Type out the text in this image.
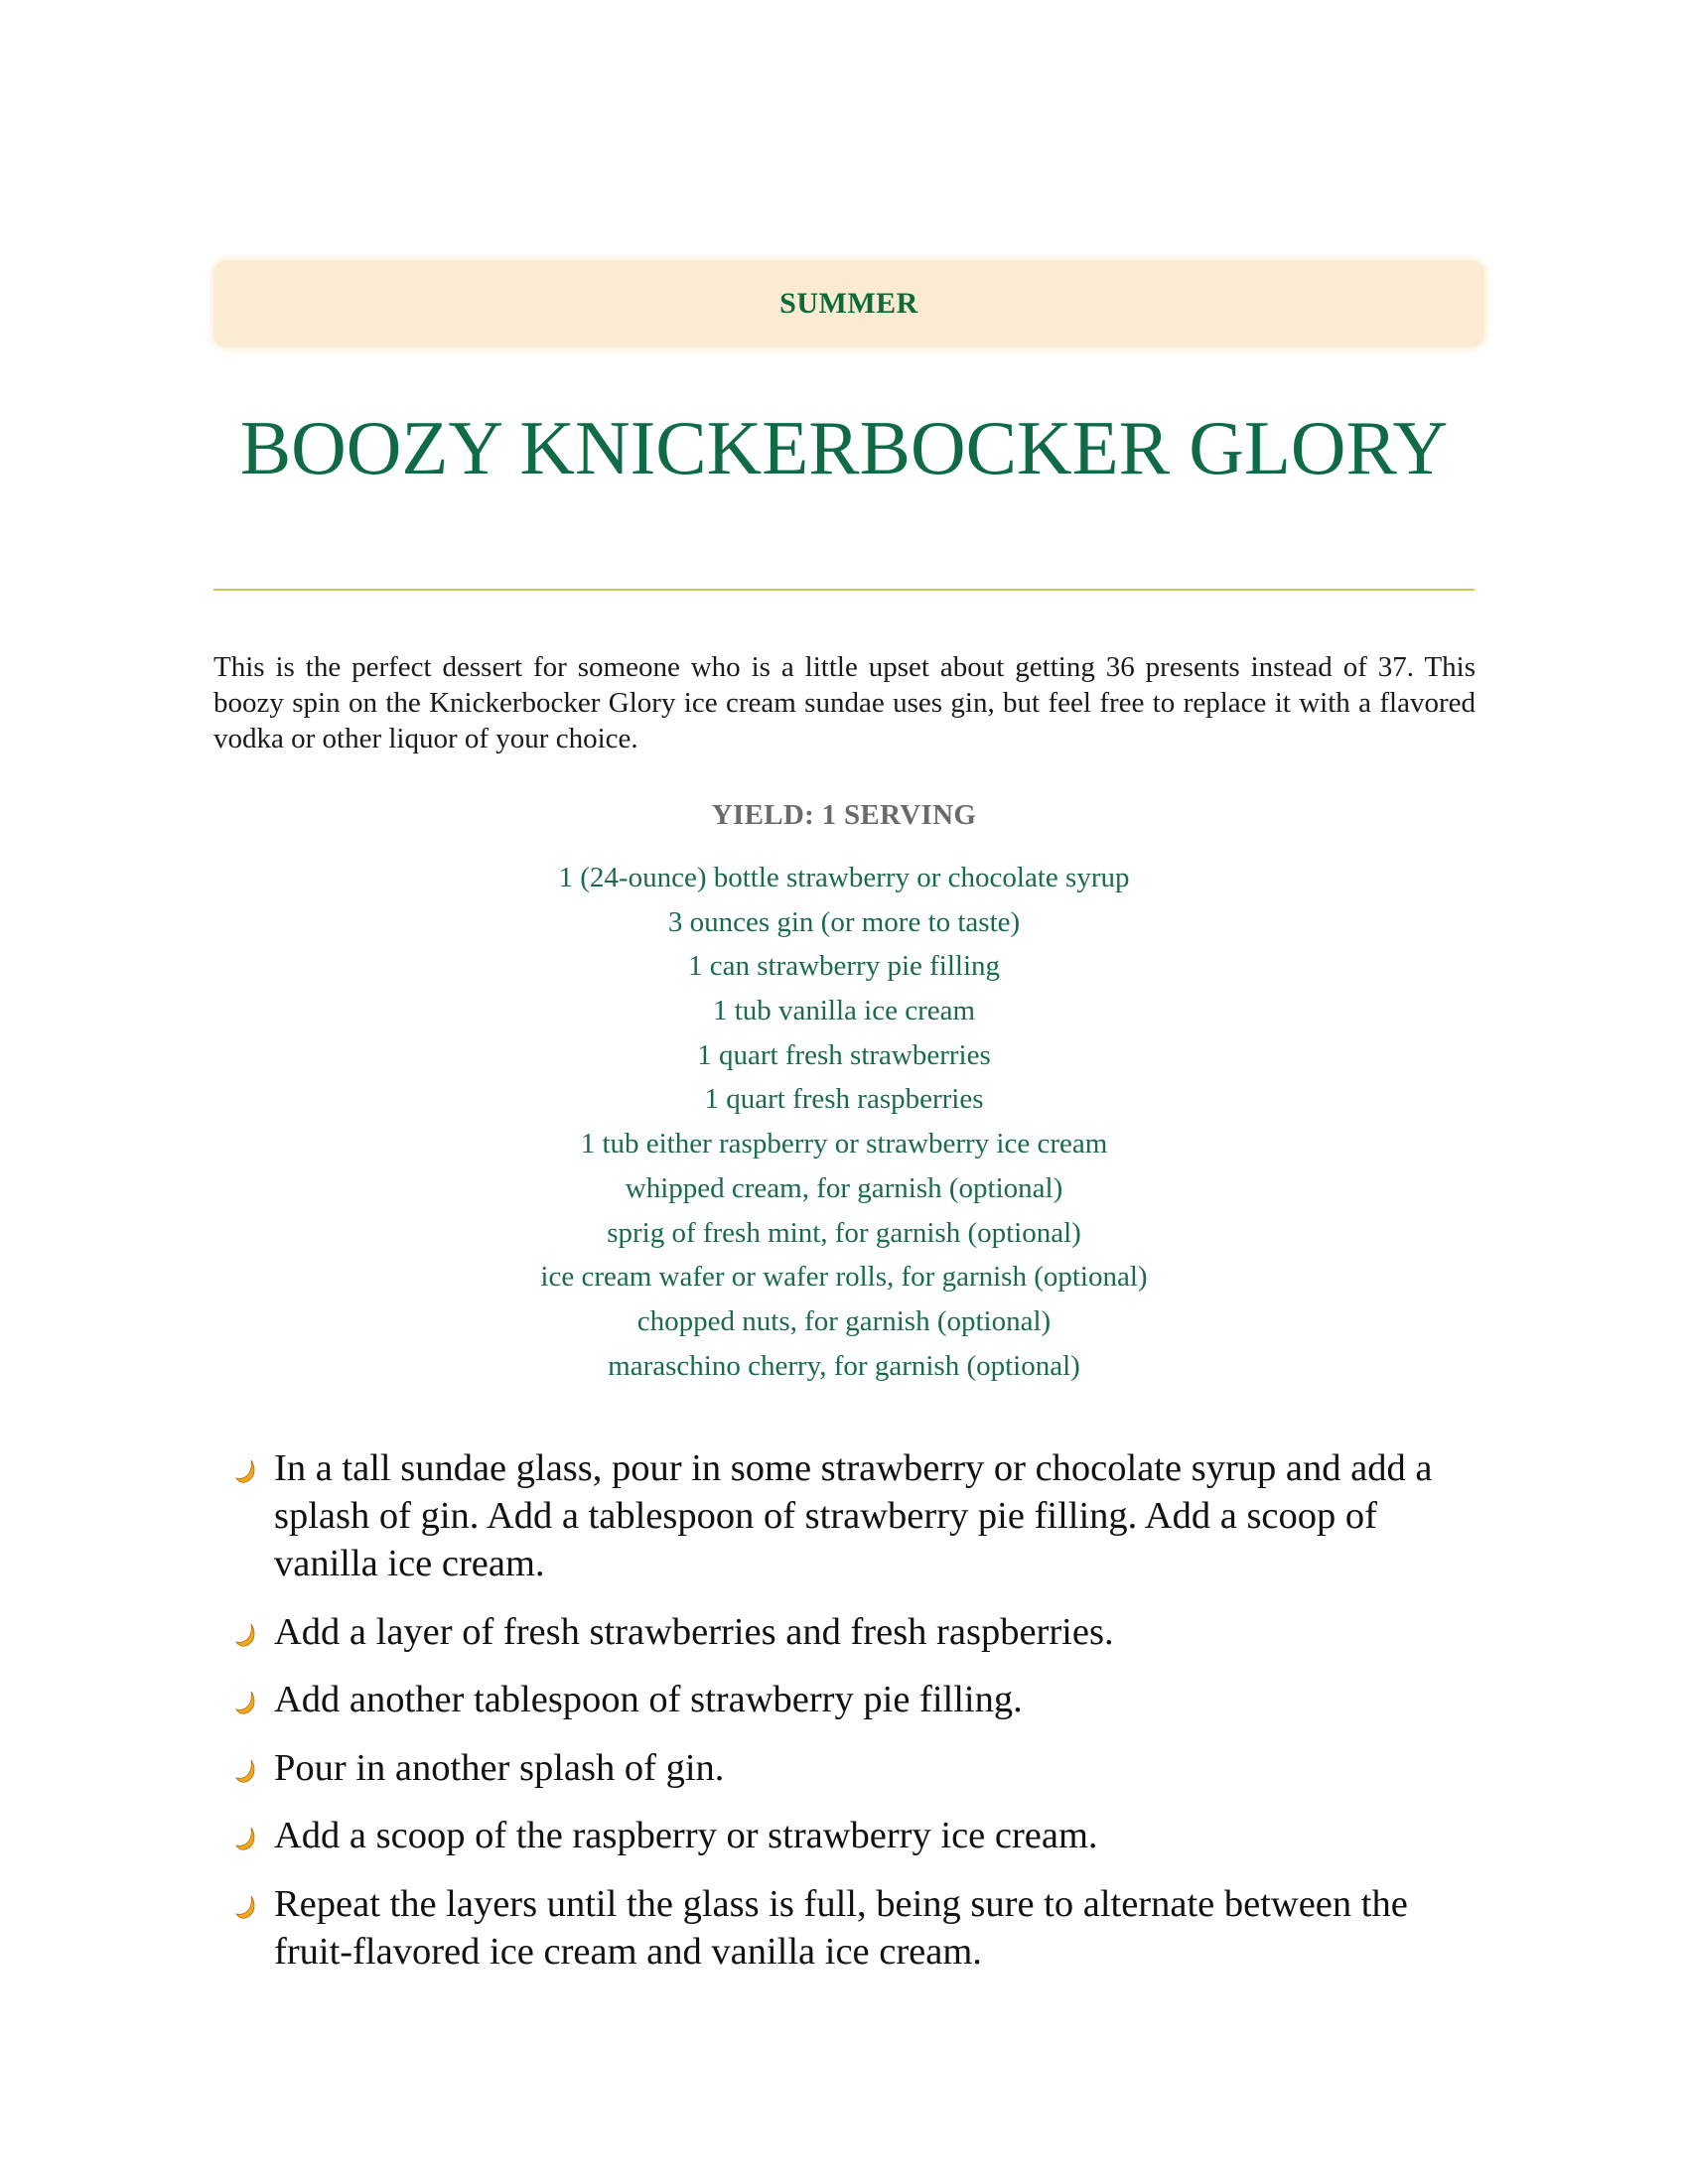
SUMMER
BOOZY KNICKERBOCKER GLORY

This is the perfect dessert for someone who is a little upset about getting 36 presents instead of 37. This boozy spin on the Knickerbocker Glory ice cream sundae uses gin, but feel free to replace it with a flavored vodka or other liquor of your choice.

YIELD: 1 SERVING
1 (24-ounce) bottle strawberry or chocolate syrup
3 ounces gin (or more to taste)
1 can strawberry pie filling
1 tub vanilla ice cream
1 quart fresh strawberries
1 quart fresh raspberries
1 tub either raspberry or strawberry ice cream
whipped cream, for garnish (optional)
sprig of fresh mint, for garnish (optional)
ice cream wafer or wafer rolls, for garnish (optional)
chopped nuts, for garnish (optional)
maraschino cherry, for garnish (optional)
In a tall sundae glass, pour in some strawberry or chocolate syrup and add a splash of gin. Add a tablespoon of strawberry pie filling. Add a scoop of vanilla ice cream.
Add a layer of fresh strawberries and fresh raspberries.
Add another tablespoon of strawberry pie filling.
Pour in another splash of gin.
Add a scoop of the raspberry or strawberry ice cream.
Repeat the layers until the glass is full, being sure to alternate between the fruit-flavored ice cream and vanilla ice cream.
